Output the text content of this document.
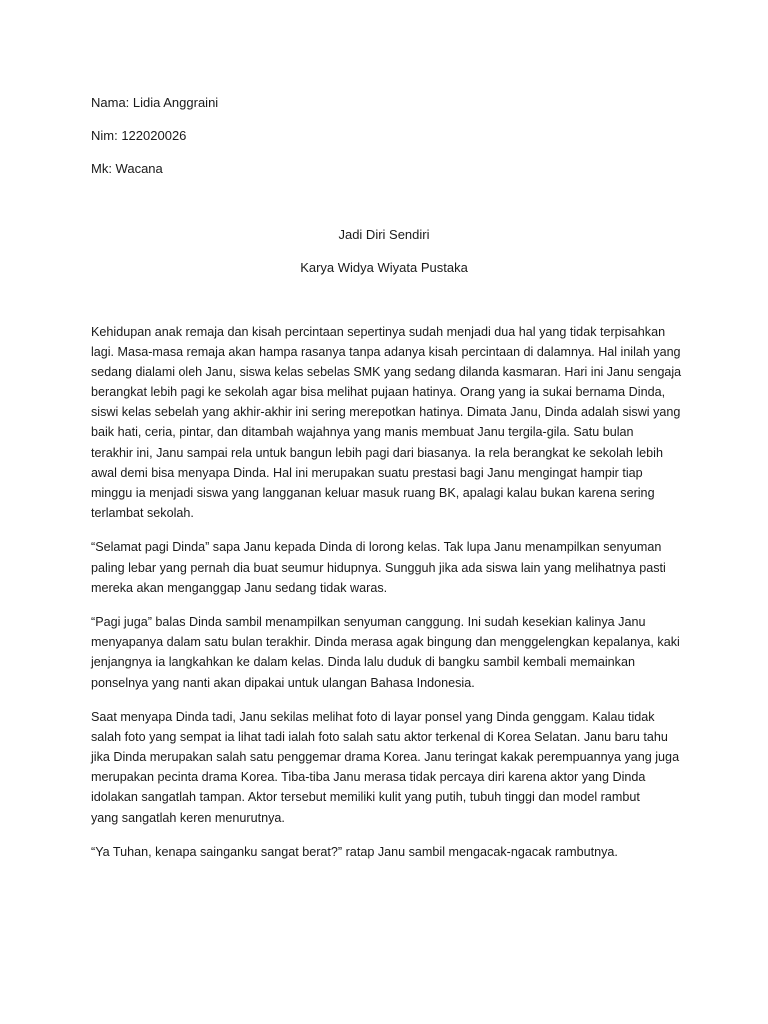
Nama: Lidia Anggraini
Nim: 122020026
Mk: Wacana
Jadi Diri Sendiri
Karya Widya Wiyata Pustaka

Kehidupan anak remaja dan kisah percintaan sepertinya sudah menjadi dua hal yang tidak terpisahkan
lagi. Masa-masa remaja akan hampa rasanya tanpa adanya kisah percintaan di dalamnya. Hal inilah yang
sedang dialami oleh Janu, siswa kelas sebelas SMK yang sedang dilanda kasmaran. Hari ini Janu sengaja
berangkat lebih pagi ke sekolah agar bisa melihat pujaan hatinya. Orang yang ia sukai bernama Dinda,
siswi kelas sebelah yang akhir-akhir ini sering merepotkan hatinya. Dimata Janu, Dinda adalah siswi yang
baik hati, ceria, pintar, dan ditambah wajahnya yang manis membuat Janu tergila-gila. Satu bulan
terakhir ini, Janu sampai rela untuk bangun lebih pagi dari biasanya. Ia rela berangkat ke sekolah lebih
awal demi bisa menyapa Dinda. Hal ini merupakan suatu prestasi bagi Janu mengingat hampir tiap
minggu ia menjadi siswa yang langganan keluar masuk ruang BK, apalagi kalau bukan karena sering
terlambat sekolah.

“Selamat pagi Dinda” sapa Janu kepada Dinda di lorong kelas. Tak lupa Janu menampilkan senyuman
paling lebar yang pernah dia buat seumur hidupnya. Sungguh jika ada siswa lain yang melihatnya pasti
mereka akan menganggap Janu sedang tidak waras.

“Pagi juga” balas Dinda sambil menampilkan senyuman canggung. Ini sudah kesekian kalinya Janu
menyapanya dalam satu bulan terakhir. Dinda merasa agak bingung dan menggelengkan kepalanya, kaki
jenjangnya ia langkahkan ke dalam kelas. Dinda lalu duduk di bangku sambil kembali memainkan
ponselnya yang nanti akan dipakai untuk ulangan Bahasa Indonesia.

Saat menyapa Dinda tadi, Janu sekilas melihat foto di layar ponsel yang Dinda genggam. Kalau tidak
salah foto yang sempat ia lihat tadi ialah foto salah satu aktor terkenal di Korea Selatan. Janu baru tahu
jika Dinda merupakan salah satu penggemar drama Korea. Janu teringat kakak perempuannya yang juga
merupakan pecinta drama Korea. Tiba-tiba Janu merasa tidak percaya diri karena aktor yang Dinda
idolakan sangatlah tampan. Aktor tersebut memiliki kulit yang putih, tubuh tinggi dan model rambut
yang sangatlah keren menurutnya.

“Ya Tuhan, kenapa sainganku sangat berat?” ratap Janu sambil mengacak-ngacak rambutnya.
